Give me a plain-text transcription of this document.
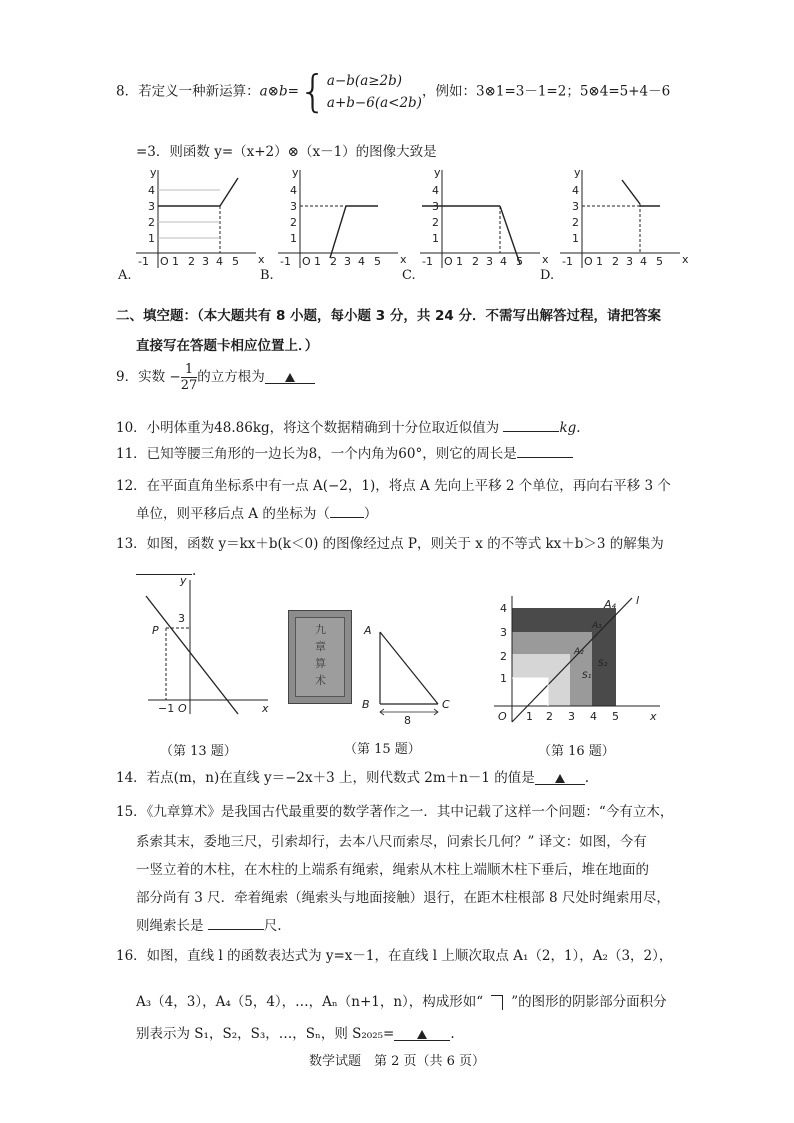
8．若定义一种新运算：a⊗b={ a−b(a≥2b)
a+b−6(a<2b)
，例如：3⊗1=3－1=2；5⊗4=5+4－6
=3．则函数 y=（x+2）⊗（x－1）的图像大致是
y
x
4
3
2
1
-1 O 1 2 3 4 5
A.
y
x
4
3
2
1
-1 O 1 2 3 4 5
B.
y
x
4
3
2
1
-1 O 1 2 3 4 5
C.
y
x
4
3
2
1
-1 O 1 2 3 4 5
D.
二、填空题：（本大题共有 8 小题，每小题 3 分，共 24 分．不需写出解答过程，请把答案
直接写在答题卡相应位置上．）
9．实数 − $\frac{1}{27}$ 的立方根为
10．小明体重为48.86kg，将这个数据精确到十分位取近似值为	kg.
11．已知等腰三角形的一边长为8，一个内角为60°，则它的周长是
12．在平面直角坐标系中有一点 A(−2，1)，将点 A 先向上平移 2 个单位，再向右平移 3 个
单位，则平移后点 A 的坐标为（	）
13．如图，函数 y＝kx＋b(k＜0) 的图像经过点 P，则关于 x 的不等式 kx＋b＞3 的解集为
.
y
x
P
3
−1 O
（第 13 题）
九章算术
A
B	C
8
（第 15 题）
1
2
3
4
1 2 3 4 5
O	x
A₄ l
A₂
A₃
S₁
S₂
（第 16 题）
14．若点(m，n)在直线 y＝−2x＋3 上，则代数式 2m＋n－1 的值是	.
15．《九章算术》是我国古代最重要的数学著作之一．其中记载了这样一个问题：“今有立木，
系索其末，委地三尺，引索却行，去本八尺而索尽，问索长几何？” 译文：如图，今有
一竖立着的木柱，在木柱的上端系有绳索，绳索从木柱上端顺木柱下垂后，堆在地面的
部分尚有 3 尺．牵着绳索（绳索头与地面接触）退行，在距木柱根部 8 尺处时绳索用尽，
则绳索长是	尺.
16．如图，直线 l 的函数表达式为 y=x－1，在直线 l 上顺次取点 A₁（2，1），A₂（3，2），
A₃（4，3），A₄（5，4），…，Aₙ（n+1，n），构成形如“ ”的图形的阴影部分面积分
别表示为 S₁，S₂，S₃，…，Sₙ，则 S₂₀₂₅=	.
数学试题　第 2 页（共 6 页）
